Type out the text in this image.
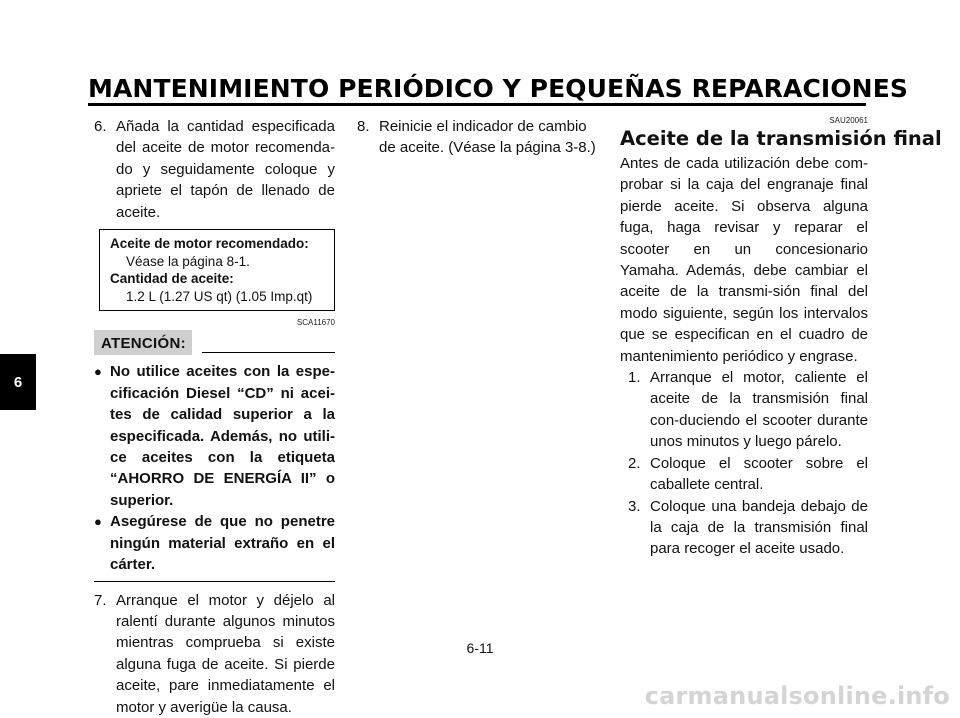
MANTENIMIENTO PERIÓDICO Y PEQUEÑAS REPARACIONES
6
6. Añada la cantidad especificada del aceite de motor recomenda-do y seguidamente coloque y apriete el tapón de llenado de aceite.
Aceite de motor recomendado:
Véase la página 8-1.
Cantidad de aceite:
1.2 L (1.27 US qt) (1.05 Imp.qt)
SCA11670
ATENCIÓN:
● No utilice aceites con la espe-cificación Diesel “CD” ni acei-tes de calidad superior a la especificada. Además, no utili-ce aceites con la etiqueta “AHORRO DE ENERGÍA II” o superior.
● Asegúrese de que no penetre ningún material extraño en el cárter.
7. Arranque el motor y déjelo al ralentí durante algunos minutos mientras comprueba si existe alguna fuga de aceite. Si pierde aceite, pare inmediatamente el motor y averigüe la causa.
8. Reinicie el indicador de cambio de aceite. (Véase la página 3-8.)
SAU20061
Aceite de la transmisión final
Antes de cada utilización debe com-probar si la caja del engranaje final pierde aceite. Si observa alguna fuga, haga revisar y reparar el scooter en un concesionario Yamaha. Además, debe cambiar el aceite de la transmi-sión final del modo siguiente, según los intervalos que se especifican en el cuadro de mantenimiento periódico y engrase.
1. Arranque el motor, caliente el aceite de la transmisión final con-duciendo el scooter durante unos minutos y luego párelo.
2. Coloque el scooter sobre el caballete central.
3. Coloque una bandeja debajo de la caja de la transmisión final para recoger el aceite usado.
6-11
carmanualsonline.info
